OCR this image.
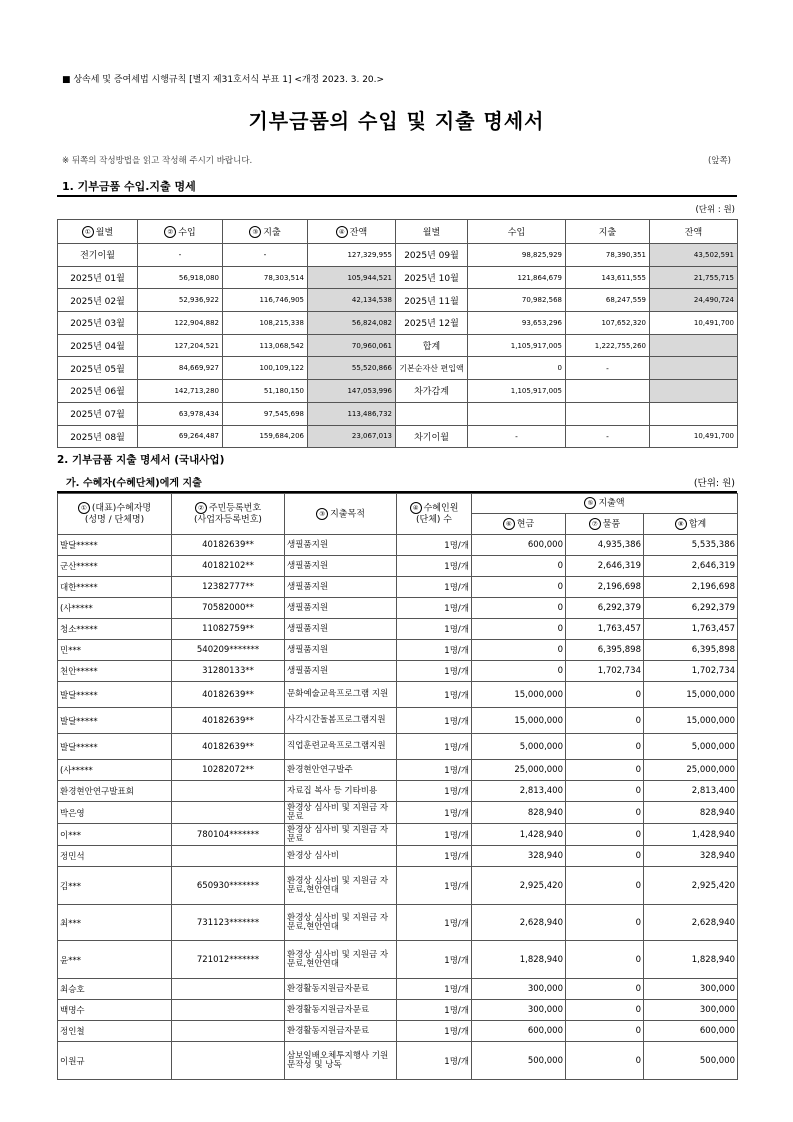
■ 상속세 및 증여세법 시행규칙 [별지 제31호서식 부표 1] <개정 2023. 3. 20.>
기부금품의 수입 및 지출 명세서
※ 뒤쪽의 작성방법을 읽고 작성해 주시기 바랍니다.	(앞쪽)
1. 기부금품 수입.지출 명세
(단위 : 원)
① 월별	② 수입	③ 지출	④ 잔액	월별	수입	지출	잔액
전기이월	-	-	127,329,955	2025년 09월	98,825,929	78,390,351	43,502,591
2025년 01월	56,918,080	78,303,514	105,944,521	2025년 10월	121,864,679	143,611,555	21,755,715
2025년 02월	52,936,922	116,746,905	42,134,538	2025년 11월	70,982,568	68,247,559	24,490,724
2025년 03월	122,904,882	108,215,338	56,824,082	2025년 12월	93,653,296	107,652,320	10,491,700
2025년 04월	127,204,521	113,068,542	70,960,061	합계	1,105,917,005	1,222,755,260	
2025년 05월	84,669,927	100,109,122	55,520,866	기본순자산 편입액	0	-	
2025년 06월	142,713,280	51,180,150	147,053,996	차가감계	1,105,917,005		
2025년 07월	63,978,434	97,545,698	113,486,732				
2025년 08월	69,264,487	159,684,206	23,067,013	차기이월	-	-	10,491,700
2. 기부금품 지출 명세서 (국내사업)
가. 수혜자(수혜단체)에게 지출	(단위: 원)
① (대표)수혜자명
(성명 / 단체명)	② 주민등록번호
(사업자등록번호)	③ 지출목적	④ 수혜인원
(단체) 수	⑤ 지출액		
				⑥ 현금	⑦ 물품	⑧ 합계
발달*****	40182639**	생필품지원	1명/개	600,000	4,935,386	5,535,386
군산*****	40182102**	생필품지원	1명/개	0	2,646,319	2,646,319
대한*****	12382777**	생필품지원	1명/개	0	2,196,698	2,196,698
(사*****	70582000**	생필품지원	1명/개	0	6,292,379	6,292,379
청소*****	11082759**	생필품지원	1명/개	0	1,763,457	1,763,457
민***	540209*******	생필품지원	1명/개	0	6,395,898	6,395,898
천안*****	31280133**	생필품지원	1명/개	0	1,702,734	1,702,734
발달*****	40182639**	문화예술교육프로그램 지원	1명/개	15,000,000	0	15,000,000
발달*****	40182639**	사각시간돌봄프로그램지원	1명/개	15,000,000	0	15,000,000
발달*****	40182639**	직업훈련교육프로그램지원	1명/개	5,000,000	0	5,000,000
(사*****	10282072**	환경현안연구발주	1명/개	25,000,000	0	25,000,000
환경현안연구발표회		자료집 복사 등 기타비용	1명/개	2,813,400	0	2,813,400
박은영		환경상 심사비 및 지원금 자문료	1명/개	828,940	0	828,940
이***	780104*******	환경상 심사비 및 지원금 자문료	1명/개	1,428,940	0	1,428,940
정민석		환경상 심사비	1명/개	328,940	0	328,940
김***	650930*******	환경상 심사비 및 지원금 자문료,현안연대	1명/개	2,925,420	0	2,925,420
최***	731123*******	환경상 심사비 및 지원금 자문료,현안연대	1명/개	2,628,940	0	2,628,940
윤***	721012*******	환경상 심사비 및 지원금 자문료,현안연대	1명/개	1,828,940	0	1,828,940
최승호		환경활동지원금자문료	1명/개	300,000	0	300,000
백명수		환경활동지원금자문료	1명/개	300,000	0	300,000
정인철		환경활동지원금자문료	1명/개	600,000	0	600,000
이원규		삼보일배오체투지행사 기원문작성 및 낭독	1명/개	500,000	0	500,000
